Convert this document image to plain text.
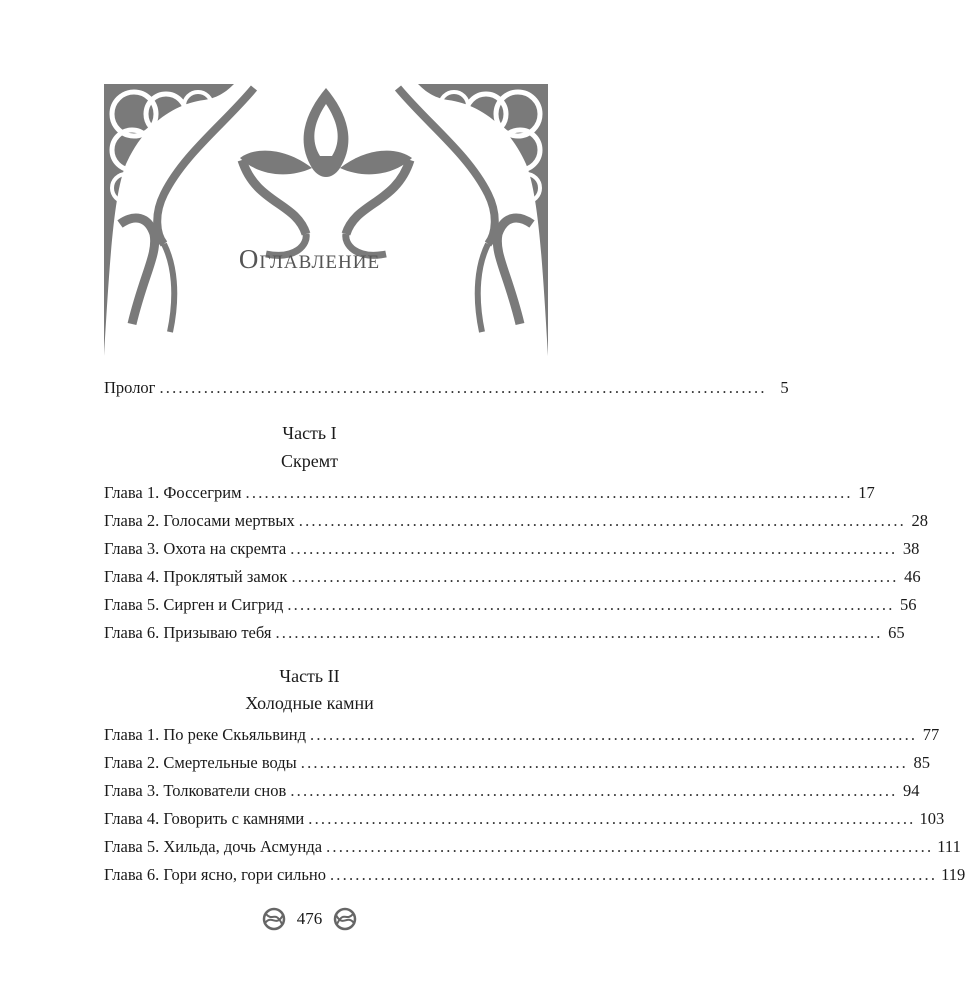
Оглавление
Пролог ................................................................................................ 5
Часть I
Скремт
Глава 1. Фоссегрим ................................................................................................ 17
Глава 2. Голосами мертвых ................................................................................................ 28
Глава 3. Охота на скремта ................................................................................................ 38
Глава 4. Проклятый замок ................................................................................................ 46
Глава 5. Сирген и Сигрид ................................................................................................ 56
Глава 6. Призываю тебя ................................................................................................ 65
Часть II
Холодные камни
Глава 1. По реке Скьяльвинд ................................................................................................ 77
Глава 2. Смертельные воды ................................................................................................ 85
Глава 3. Толкователи снов ................................................................................................ 94
Глава 4. Говорить с камнями ................................................................................................ 103
Глава 5. Хильда, дочь Асмунда ................................................................................................ 111
Глава 6. Гори ясно, гори сильно ................................................................................................ 119
476
